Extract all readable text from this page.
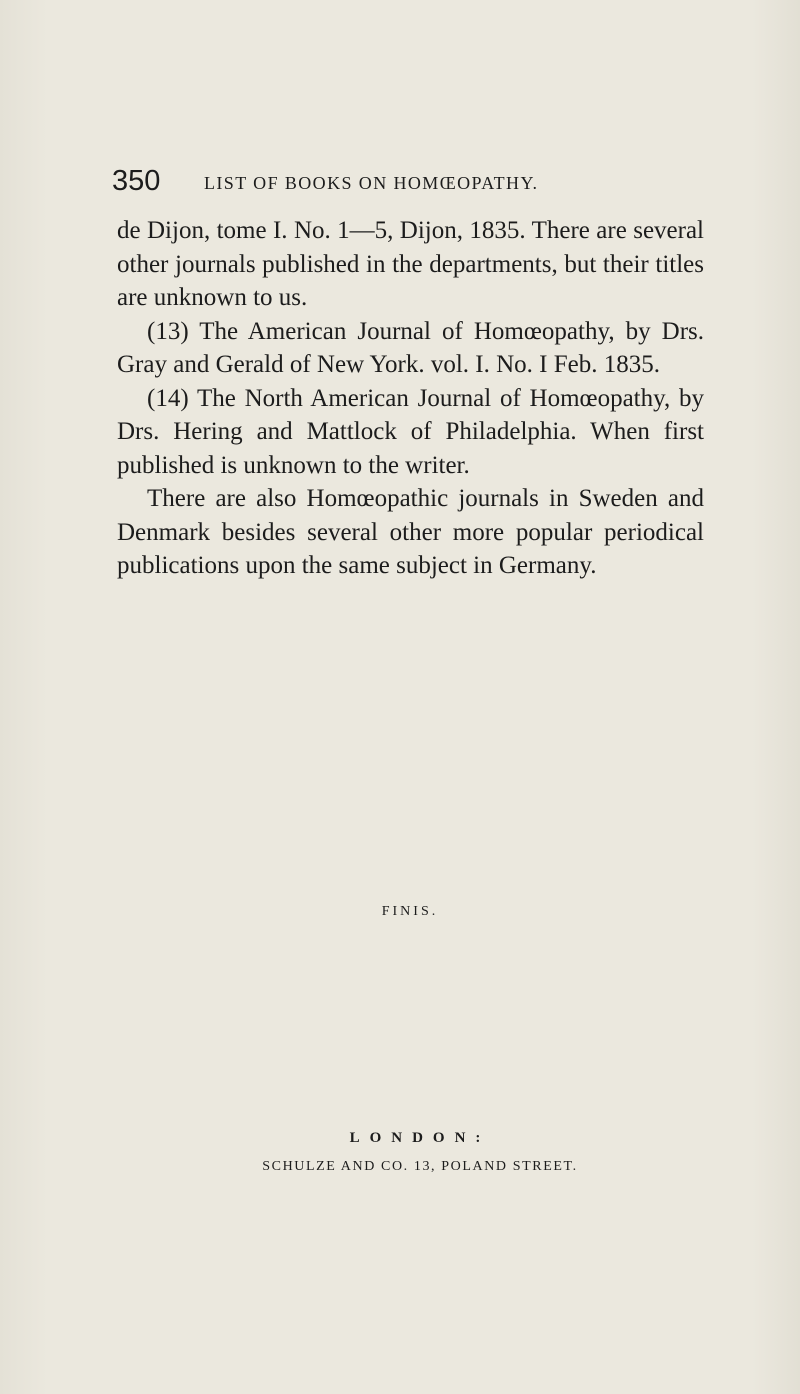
350 LIST OF BOOKS ON HOMŒOPATHY.

de Dijon, tome I. No. 1—5, Dijon, 1835. There are several other journals published in the departments, but their titles are unknown to us.

(13) The American Journal of Homœopathy, by Drs. Gray and Gerald of New York. vol. I. No. I Feb. 1835.

(14) The North American Journal of Homœopathy, by Drs. Hering and Mattlock of Philadelphia. When first published is unknown to the writer.

There are also Homœopathic journals in Sweden and Denmark besides several other more popular periodical publications upon the same subject in Germany.

FINIS.
LONDON:
SCHULZE AND CO. 13, POLAND STREET.
